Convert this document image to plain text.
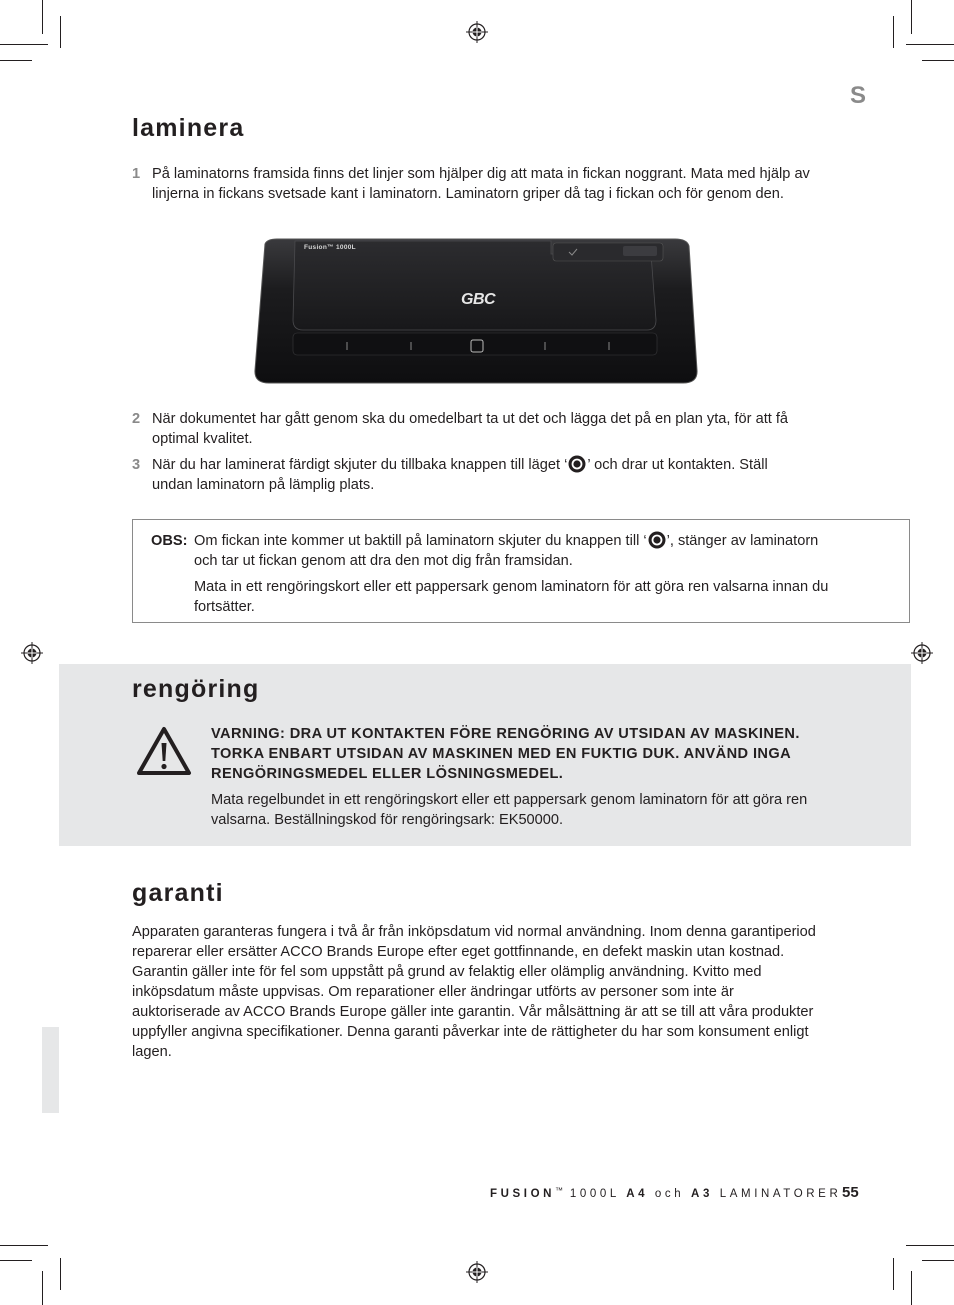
S
laminera
1 På laminatorns framsida finns det linjer som hjälper dig att mata in fickan noggrant. Mata med hjälp av linjerna in fickans svetsade kant i laminatorn. Laminatorn griper då tag i fickan och för genom den.
Fusion™ 1000L
GBC
2 När dokumentet har gått genom ska du omedelbart ta ut det och lägga det på en plan yta, för att få optimal kvalitet.
3 När du har laminerat färdigt skjuter du tillbaka knappen till läget ‘ ’ och drar ut kontakten. Ställ undan laminatorn på lämplig plats.
OBS: Om fickan inte kommer ut baktill på laminatorn skjuter du knappen till ‘ ’, stänger av laminatorn och tar ut fickan genom att dra den mot dig från framsidan.
Mata in ett rengöringskort eller ett pappersark genom laminatorn för att göra ren valsarna innan du fortsätter.
rengöring
VARNING: DRA UT KONTAKTEN FÖRE RENGÖRING AV UTSIDAN AV MASKINEN. TORKA ENBART UTSIDAN AV MASKINEN MED EN FUKTIG DUK. ANVÄND INGA RENGÖRINGSMEDEL ELLER LÖSNINGSMEDEL.
Mata regelbundet in ett rengöringskort eller ett pappersark genom laminatorn för att göra ren valsarna. Beställningskod för rengöringsark: EK50000.
garanti
Apparaten garanteras fungera i två år från inköpsdatum vid normal användning. Inom denna garantiperiod reparerar eller ersätter ACCO Brands Europe efter eget gottfinnande, en defekt maskin utan kostnad. Garantin gäller inte för fel som uppstått på grund av felaktig eller olämplig användning. Kvitto med inköpsdatum måste uppvisas. Om reparationer eller ändringar utförts av personer som inte är auktoriserade av ACCO Brands Europe gäller inte garantin. Vår målsättning är att se till att våra produkter uppfyller angivna specifikationer. Denna garanti påverkar inte de rättigheter du har som konsument enligt lagen.
FUSION™ 1000L A4 och A3 LAMINATORER 55
